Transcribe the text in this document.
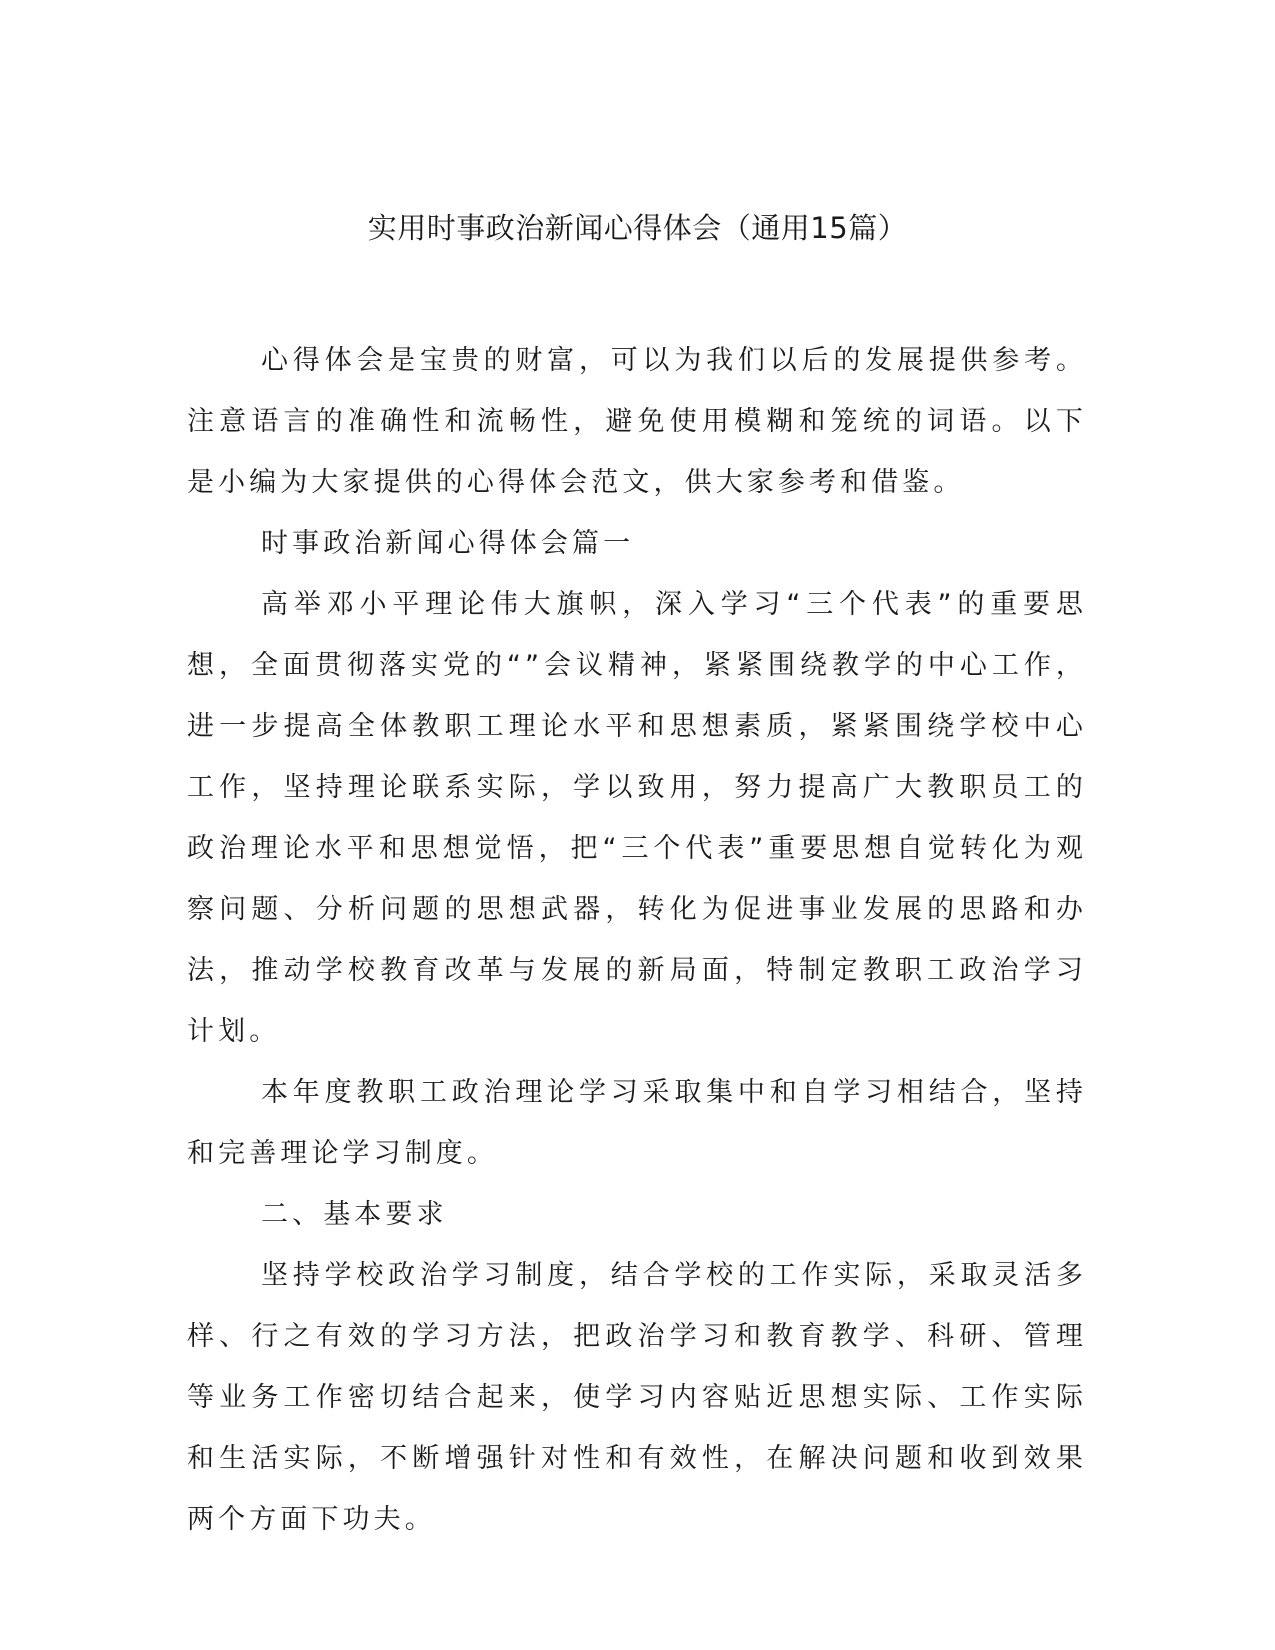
实用时事政治新闻心得体会（通用15篇）

心得体会是宝贵的财富，可以为我们以后的发展提供参考。注意语言的准确性和流畅性，避免使用模糊和笼统的词语。以下是小编为大家提供的心得体会范文，供大家参考和借鉴。

时事政治新闻心得体会篇一

高举邓小平理论伟大旗帜，深入学习“三个代表”的重要思想，全面贯彻落实党的“”会议精神，紧紧围绕教学的中心工作，进一步提高全体教职工理论水平和思想素质，紧紧围绕学校中心工作，坚持理论联系实际，学以致用，努力提高广大教职员工的政治理论水平和思想觉悟，把“三个代表”重要思想自觉转化为观察问题、分析问题的思想武器，转化为促进事业发展的思路和办法，推动学校教育改革与发展的新局面，特制定教职工政治学习计划。

本年度教职工政治理论学习采取集中和自学习相结合，坚持和完善理论学习制度。

二、基本要求

坚持学校政治学习制度，结合学校的工作实际，采取灵活多样、行之有效的学习方法，把政治学习和教育教学、科研、管理等业务工作密切结合起来，使学习内容贴近思想实际、工作实际和生活实际，不断增强针对性和有效性，在解决问题和收到效果两个方面下功夫。
